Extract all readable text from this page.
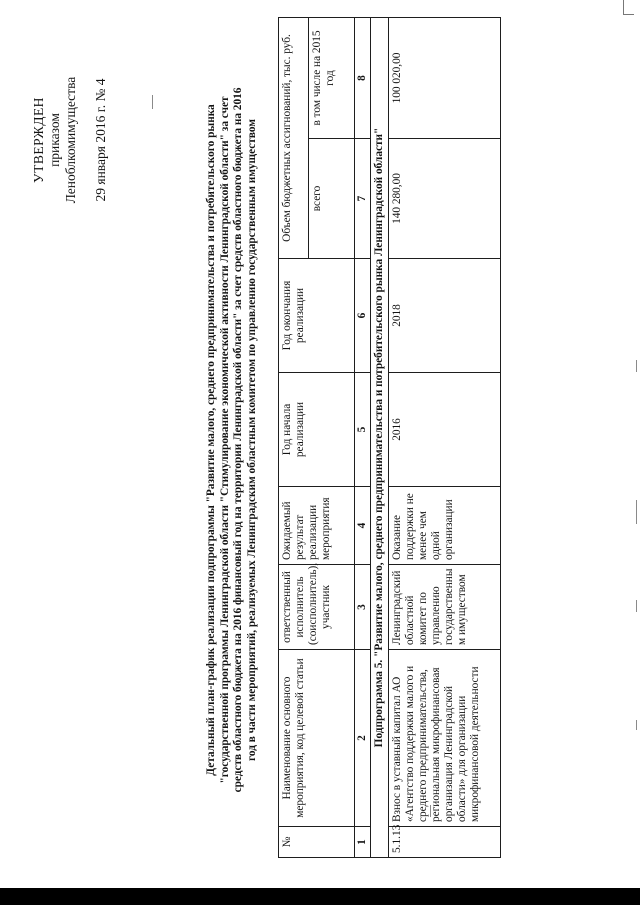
УТВЕРЖДЕН приказом Леноблкомимущества 29 января 2016 г. № 4	Детальный план-график реализации подпрограммы "Развитие малого, среднего предпринимательства и потребительского рынка "государственной программы Ленинградской области "Стимулирование экономической активности Ленинградской области" за счет средств областного бюджета на 2016 финансовый год на территории Ленинградской области" за счет средств областного бюджета на 2016 год в части мероприятий, реализуемых Ленинградским областным комитетом по управлению государственным имуществом
№	Наименование основного мероприятия, код целевой статьи	ответственный исполнитель (соисполнитель), участник	Ожидаемый результат реализации мероприятия	Год начала реализации	Год окончания реализации	Объем бюджетных ассигнований, тыс. руб.	
						всего	в том числе на 2015 год
1	2	3	4	5	6	7	8
Подпрограмма 5. "Развитие малого, среднего предпринимательства и потребительского рынка Ленинградской области"							
5.1.13	Взнос в уставный капитал АО «Агентство поддержки малого и среднего предпринимательства, региональная микрофинансовая организация Ленинградской области» для организации микрофинансовой деятельности	Ленинградский областной комитет по управлению государственны м имуществом	Оказание поддержки не менее чем одной организации	2016	2018	140 280,00	100 020,00
